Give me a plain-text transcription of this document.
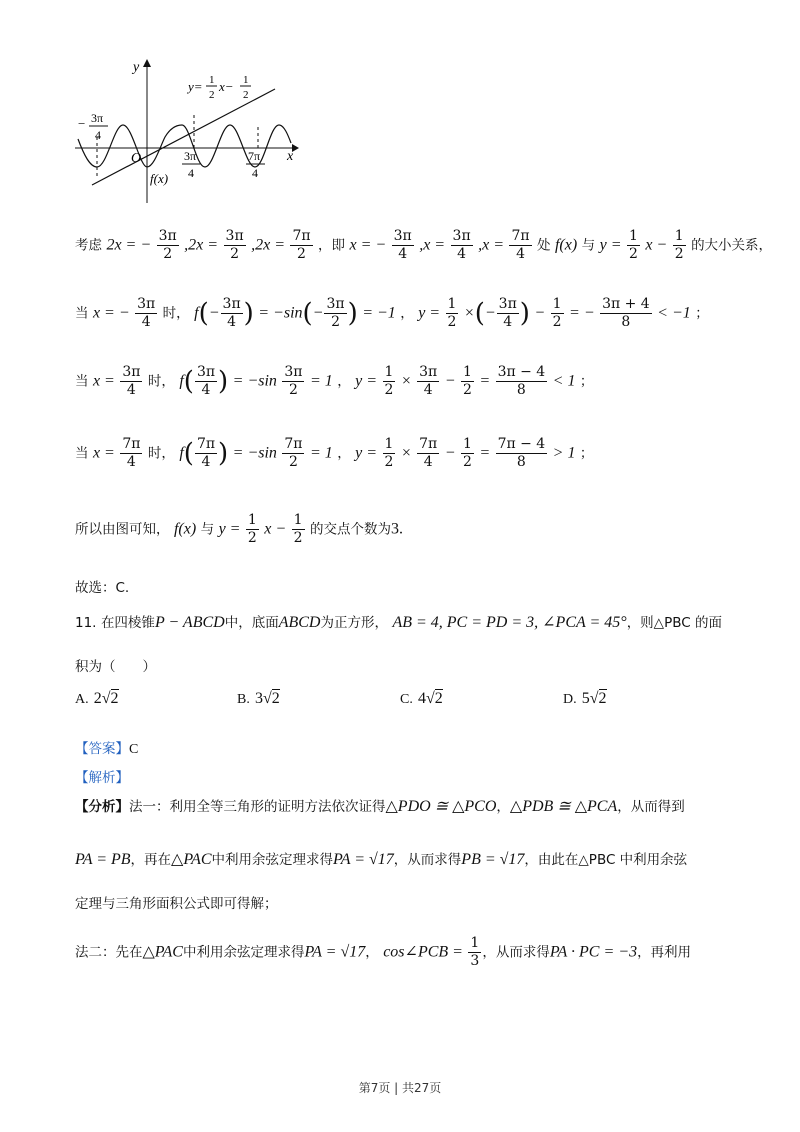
y
x
O
y= 1
2
x− 1
2
− 3π
4
3π
4
7π
4
f(x)
考虑 2x = − $\frac{3\pi}{2} ,2x = \frac{3\pi}{2} ,2x = \frac{7\pi}{2}$ ，即 x = − $\frac{3\pi}{4} ,x = \frac{3\pi}{4} ,x = \frac{7\pi}{4}$ 处 f(x) 与 $y = \frac{1}{2}$ $x - \frac{1}{2}$ 的大小关系，
当 x = − $\frac{3\pi}{4}$ 时， $f(- \frac{3\pi}{4}$ ) = $-\sin(- \frac{3\pi}{2}$ ) = −1 ， $y = \frac{1}{2}$ ×(− $\frac{3\pi}{4}$ ) − $\frac{1}{2}$ = − $\frac{3\pi + 4}{8} < -1$ ；
当 $x = \frac{3\pi}{4}$ 时， $f( \frac{3\pi}{4}$ ) = $-\sin \frac{3\pi}{2} = 1$ ， $y = \frac{1}{2} \times \frac{3\pi}{4} - \frac{1}{2} = \frac{3\pi - 4}{8} < 1$ ；
当 $x = \frac{7\pi}{4}$ 时， $f( \frac{7\pi}{4}$ ) = $-\sin \frac{7\pi}{2} = 1$ ， $y = \frac{1}{2} \times \frac{7\pi}{4} - \frac{1}{2} = \frac{7\pi - 4}{8} > 1$ ；
所以由图可知， f(x) 与 $y = \frac{1}{2}$ $x - \frac{1}{2}$ 的交点个数为3.
故选：C.
11. 在四棱锥P − ABCD中，底面ABCD为正方形， AB = 4, PC = PD = 3, ∠PCA = 45°，则△PBC 的面
积为（　　）
A. 2√2	B. 3√2	C. 4√2	D. 5√2
【答案】C
【解析】
【分析】法一：利用全等三角形的证明方法依次证得△PDO ≅ △PCO，△PDB ≅ △PCA，从而得到
PA = PB，再在△PAC中利用余弦定理求得PA = √17，从而求得PB = √17，由此在△PBC 中利用余弦
定理与三角形面积公式即可得解；
法二：先在△PAC中利用余弦定理求得PA = √17， cos∠PCB = $\frac{1}{3}$ ，从而求得PA · PC = −3，再利用
第7页 | 共27页
